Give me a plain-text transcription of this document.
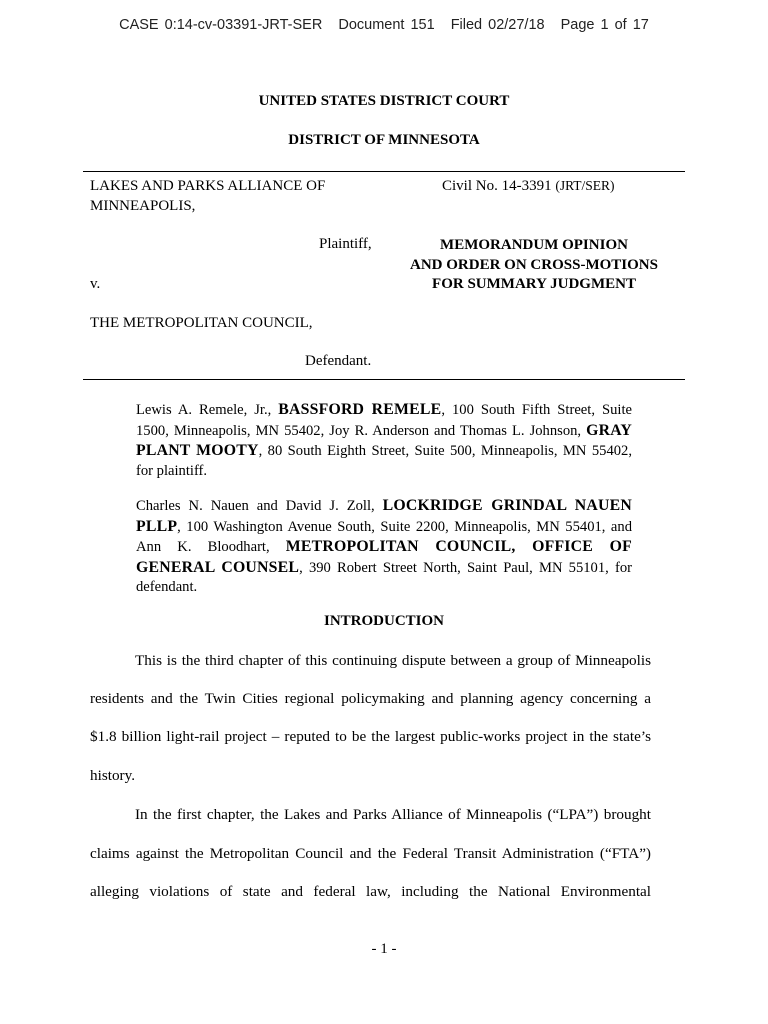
CASE 0:14-cv-03391-JRT-SER Document 151 Filed 02/27/18 Page 1 of 17
UNITED STATES DISTRICT COURT
DISTRICT OF MINNESOTA
LAKES AND PARKS ALLIANCE OF
MINNEAPOLIS,
Civil No. 14-3391 (JRT/SER)
Plaintiff,	MEMORANDUM OPINION
AND ORDER ON CROSS-MOTIONS
FOR SUMMARY JUDGMENT
v.
THE METROPOLITAN COUNCIL,
Defendant.
Lewis A. Remele, Jr., BASSFORD REMELE, 100 South Fifth Street, Suite 1500, Minneapolis, MN 55402, Joy R. Anderson and Thomas L. Johnson, GRAY PLANT MOOTY, 80 South Eighth Street, Suite 500, Minneapolis, MN 55402, for plaintiff.
Charles N. Nauen and David J. Zoll, LOCKRIDGE GRINDAL NAUEN PLLP, 100 Washington Avenue South, Suite 2200, Minneapolis, MN 55401, and Ann K. Bloodhart, METROPOLITAN COUNCIL, OFFICE OF GENERAL COUNSEL, 390 Robert Street North, Saint Paul, MN 55101, for defendant.
INTRODUCTION
This is the third chapter of this continuing dispute between a group of Minneapolis
residents and the Twin Cities regional policymaking and planning agency concerning a
$1.8 billion light-rail project – reputed to be the largest public-works project in the state’s
history.
In the first chapter, the Lakes and Parks Alliance of Minneapolis (“LPA”) brought
claims against the Metropolitan Council and the Federal Transit Administration (“FTA”)
alleging violations of state and federal law, including the National Environmental
- 1 -
